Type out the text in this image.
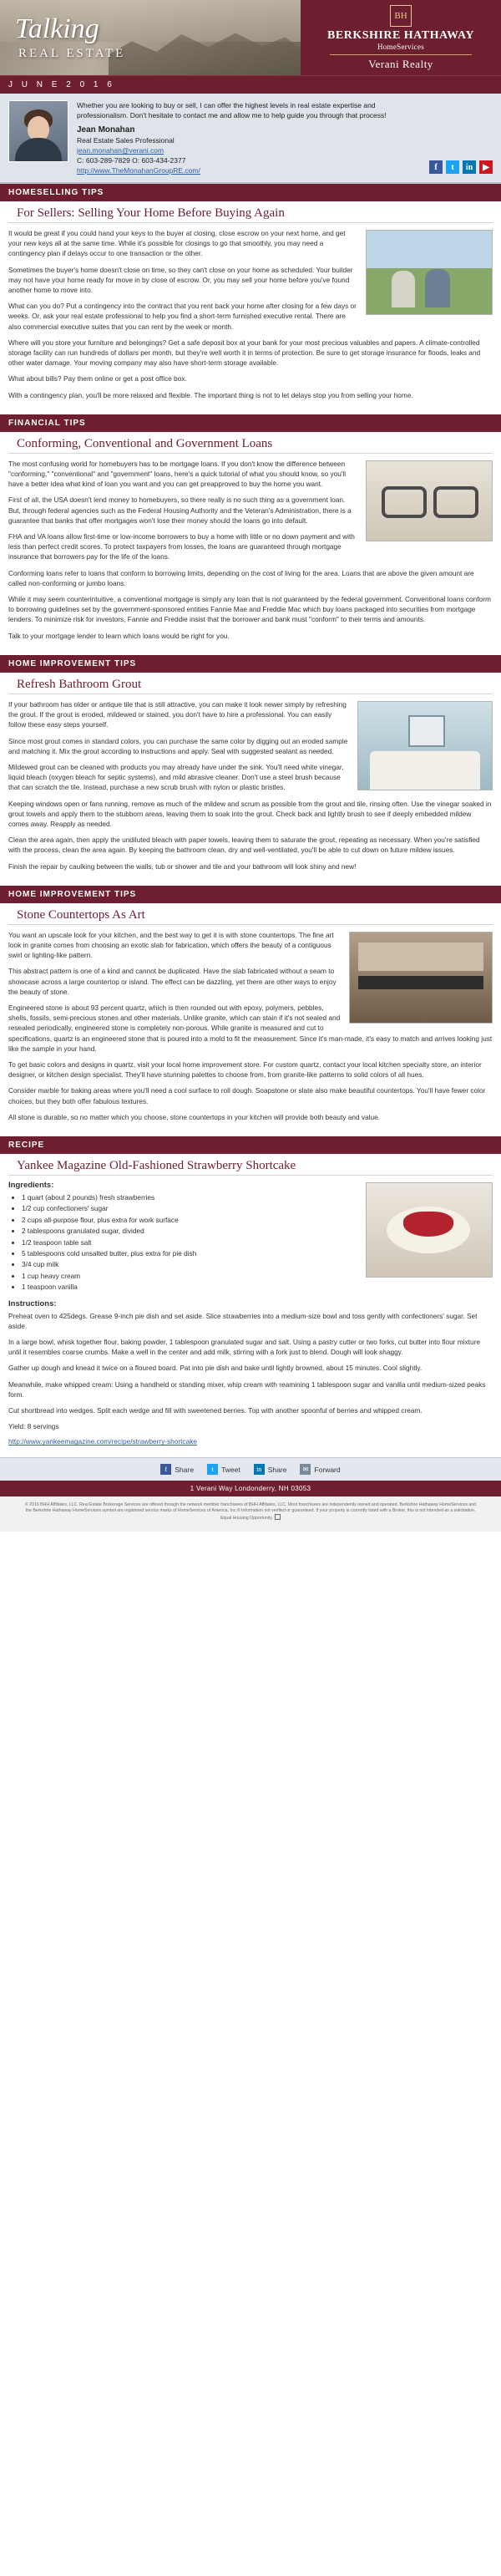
Talking
REAL ESTATE
BH
BERKSHIRE HATHAWAY
HomeServices
Verani Realty
J U N E 2 0 1 6
Whether you are looking to buy or sell, I can offer the highest levels in real estate expertise and professionalism. Don't hesitate to contact me and allow me to help guide you through that process!
Jean Monahan
Real Estate Sales Professional
jean.monahan@verani.com
C: 603-289-7829 O: 603-434-2377
http://www.TheMonahanGroupRE.com/	f	t	in	▶
HOMESELLING TIPS
For Sellers: Selling Your Home Before Buying Again

It would be great if you could hand your keys to the buyer at closing, close escrow on your next home, and get your new keys all at the same time. While it's possible for closings to go that smoothly, you may need a contingency plan if delays occur to one transaction or the other.

Sometimes the buyer's home doesn't close on time, so they can't close on your home as scheduled. Your builder may not have your home ready for move in by close of escrow. Or, you may sell your home before you've found another home to move into.

What can you do? Put a contingency into the contract that you rent back your home after closing for a few days or weeks. Or, ask your real estate professional to help you find a short-term furnished executive rental. There are also commercial executive suites that you can rent by the week or month.

Where will you store your furniture and belongings? Get a safe deposit box at your bank for your most precious valuables and papers. A climate-controlled storage facility can run hundreds of dollars per month, but they're well worth it in terms of protection. Be sure to get storage insurance for floods, leaks and other water damage. Your moving company may also have short-term storage available.

What about bills? Pay them online or get a post office box.

With a contingency plan, you'll be more relaxed and flexible. The important thing is not to let delays stop you from selling your home.

FINANCIAL TIPS
Conforming, Conventional and Government Loans

The most confusing world for homebuyers has to be mortgage loans. If you don't know the difference between "conforming," "conventional" and "government" loans, here's a quick tutorial of what you should know, so you'll have a better idea what kind of loan you want and you can get preapproved to buy the home you want.

First of all, the USA doesn't lend money to homebuyers, so there really is no such thing as a government loan. But, through federal agencies such as the Federal Housing Authority and the Veteran's Administration, there is a guarantee that banks that offer mortgages won't lose their money should the loans go into default.

FHA and VA loans allow first-time or low-income borrowers to buy a home with little or no down payment and with less than perfect credit scores. To protect taxpayers from losses, the loans are guaranteed through mortgage insurance that borrowers pay for the life of the loans.

Conforming loans refer to loans that conform to borrowing limits, depending on the cost of living for the area. Loans that are above the given amount are called non-conforming or jumbo loans.

While it may seem counterintuitive, a conventional mortgage is simply any loan that is not guaranteed by the federal government. Conventional loans conform to borrowing guidelines set by the government-sponsored entities Fannie Mae and Freddie Mac which buy loans packaged into securities from mortgage lenders. To minimize risk for investors, Fannie and Freddie insist that the borrower and bank must "conform" to their terms and amounts.

Talk to your mortgage lender to learn which loans would be right for you.

HOME IMPROVEMENT TIPS
Refresh Bathroom Grout

If your bathroom has older or antique tile that is still attractive, you can make it look newer simply by refreshing the grout. If the grout is eroded, mildewed or stained, you don't have to hire a professional. You can easily follow these easy steps yourself.

Since most grout comes in standard colors, you can purchase the same color by digging out an eroded sample and matching it. Mix the grout according to instructions and apply. Seal with suggested sealant as needed.

Mildewed grout can be cleaned with products you may already have under the sink. You'll need white vinegar, liquid bleach (oxygen bleach for septic systems), and mild abrasive cleaner. Don't use a steel brush because that can scratch the tile. Instead, purchase a new scrub brush with nylon or plastic bristles.

Keeping windows open or fans running, remove as much of the mildew and scrum as possible from the grout and tile, rinsing often. Use the vinegar soaked in grout towels and apply them to the stubborn areas, leaving them to soak into the grout. Check back and lightly brush to see if deeply embedded mildew comes away. Reapply as needed.

Clean the area again, then apply the undiluted bleach with paper towels, leaving them to saturate the grout, repeating as necessary. When you're satisfied with the process, clean the area again. By keeping the bathroom clean, dry and well-ventilated, you'll be able to cut down on future mildew issues.

Finish the repair by caulking between the walls, tub or shower and tile and your bathroom will look shiny and new!

HOME IMPROVEMENT TIPS
Stone Countertops As Art

You want an upscale look for your kitchen, and the best way to get it is with stone countertops. The fine art look in granite comes from choosing an exotic slab for fabrication, which offers the beauty of a contiguous swirl or lighting-like pattern.

This abstract pattern is one of a kind and cannot be duplicated. Have the slab fabricated without a seam to showcase across a large countertop or island. The effect can be dazzling, yet there are other ways to enjoy the beauty of stone.

Engineered stone is about 93 percent quartz, which is then rounded out with epoxy, polymers, pebbles, shells, fossils, semi-precious stones and other materials. Unlike granite, which can stain if it's not sealed and resealed periodically, engineered stone is completely non-porous. While granite is measured and cut to specifications, quartz is an engineered stone that is poured into a mold to fit the measurement. Since it's man-made, it's easy to match and arrives looking just like the sample in your hand.

To get basic colors and designs in quartz, visit your local home improvement store. For custom quartz, contact your local kitchen specialty store, an interior designer, or kitchen design specialist. They'll have stunning palettes to choose from, from granite-like patterns to solid colors of all hues.

Consider marble for baking areas where you'll need a cool surface to roll dough. Soapstone or slate also make beautiful countertops. You'll have fewer color choices, but they both offer fabulous textures.

All stone is durable, so no matter which you choose, stone countertops in your kitchen will provide both beauty and value.

RECIPE
Yankee Magazine Old-Fashioned Strawberry Shortcake
Ingredients:
• 1 quart (about 2 pounds) fresh strawberries
• 1/2 cup confectioners' sugar
• 2 cups all-purpose flour, plus extra for work surface
• 2 tablespoons granulated sugar, divided
• 1/2 teaspoon table salt
• 5 tablespoons cold unsalted butter, plus extra for pie dish
• 3/4 cup milk
• 1 cup heavy cream
• 1 teaspoon vanilla
Instructions:

Preheat oven to 425degs. Grease 9-inch pie dish and set aside. Slice strawberries into a medium-size bowl and toss gently with confectioners' sugar. Set aside.

In a large bowl, whisk together flour, baking powder, 1 tablespoon granulated sugar and salt. Using a pastry cutter or two forks, cut butter into flour mixture until it resembles coarse crumbs. Make a well in the center and add milk, stirring with a fork just to blend. Dough will look shaggy.

Gather up dough and knead it twice on a floured board. Pat into pie dish and bake until lightly browned, about 15 minutes. Cool slightly.

Meanwhile, make whipped cream: Using a handheld or standing mixer, whip cream with reamining 1 tablespoon sugar and vanilla until medium-sized peaks form.

Cut shortbread into wedges. Split each wedge and fill with sweetened berries. Top with another spoonful of berries and whipped cream.

Yield: 8 servings

http://www.yankeemagazine.com/recipe/strawberry-shortcake
f	Share	t	Tweet	in Share	✉ Forward
1 Verani Way Londonderry, NH 03053
© 2016 BHH Affiliates, LLC. Real Estate Brokerage Services are offered through the network member franchisees of BHH Affiliates, LLC. Most franchisees are independently owned and operated. Berkshire Hathaway HomeServices and the Berkshire Hathaway HomeServices symbol are registered service marks of HomeServices of America, Inc.® Information not verified or guaranteed. If your property is currently listed with a Broker, this is not intended as a solicitation. Equal Housing Opportunity.
